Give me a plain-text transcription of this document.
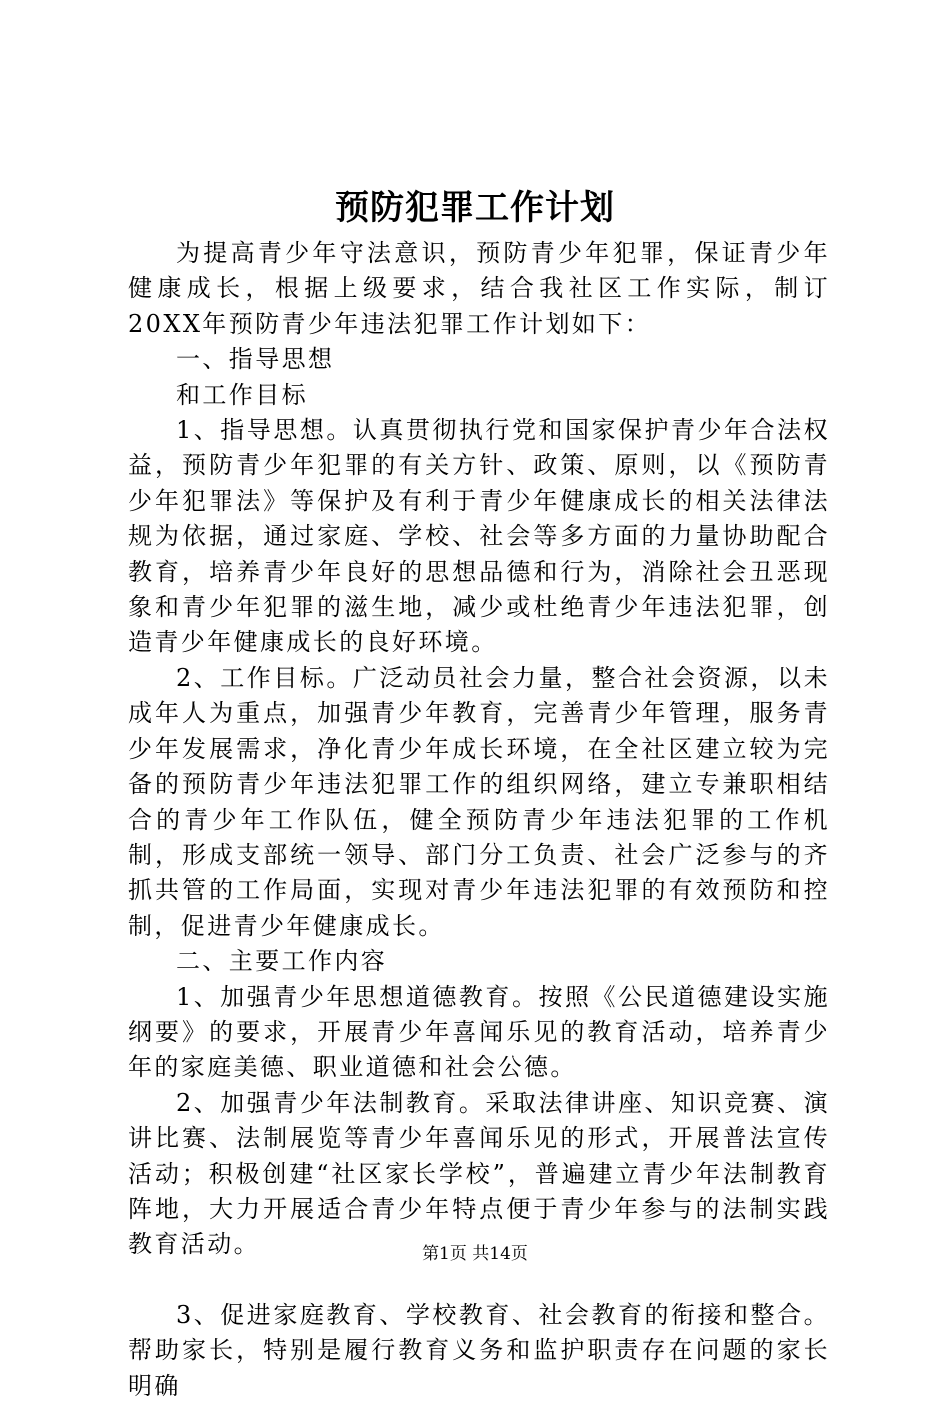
预防犯罪工作计划

为提高青少年守法意识，预防青少年犯罪，保证青少年健康成长，根据上级要求，结合我社区工作实际，制订20XX年预防青少年违法犯罪工作计划如下：

一、指导思想

和工作目标

1、指导思想。认真贯彻执行党和国家保护青少年合法权益，预防青少年犯罪的有关方针、政策、原则，以《预防青少年犯罪法》等保护及有利于青少年健康成长的相关法律法规为依据，通过家庭、学校、社会等多方面的力量协助配合教育，培养青少年良好的思想品德和行为，消除社会丑恶现象和青少年犯罪的滋生地，减少或杜绝青少年违法犯罪，创造青少年健康成长的良好环境。

2、工作目标。广泛动员社会力量，整合社会资源，以未成年人为重点，加强青少年教育，完善青少年管理，服务青少年发展需求，净化青少年成长环境，在全社区建立较为完备的预防青少年违法犯罪工作的组织网络，建立专兼职相结合的青少年工作队伍，健全预防青少年违法犯罪的工作机制，形成支部统一领导、部门分工负责、社会广泛参与的齐抓共管的工作局面，实现对青少年违法犯罪的有效预防和控制，促进青少年健康成长。

二、主要工作内容

1、加强青少年思想道德教育。按照《公民道德建设实施纲要》的要求，开展青少年喜闻乐见的教育活动，培养青少年的家庭美德、职业道德和社会公德。

2、加强青少年法制教育。采取法律讲座、知识竞赛、演讲比赛、法制展览等青少年喜闻乐见的形式，开展普法宣传活动；积极创建“社区家长学校”，普遍建立青少年法制教育阵地，大力开展适合青少年特点便于青少年参与的法制实践教育活动。

3、促进家庭教育、学校教育、社会教育的衔接和整合。帮助家长，特别是履行教育义务和监护职责存在问题的家长明确

第1页 共14页
